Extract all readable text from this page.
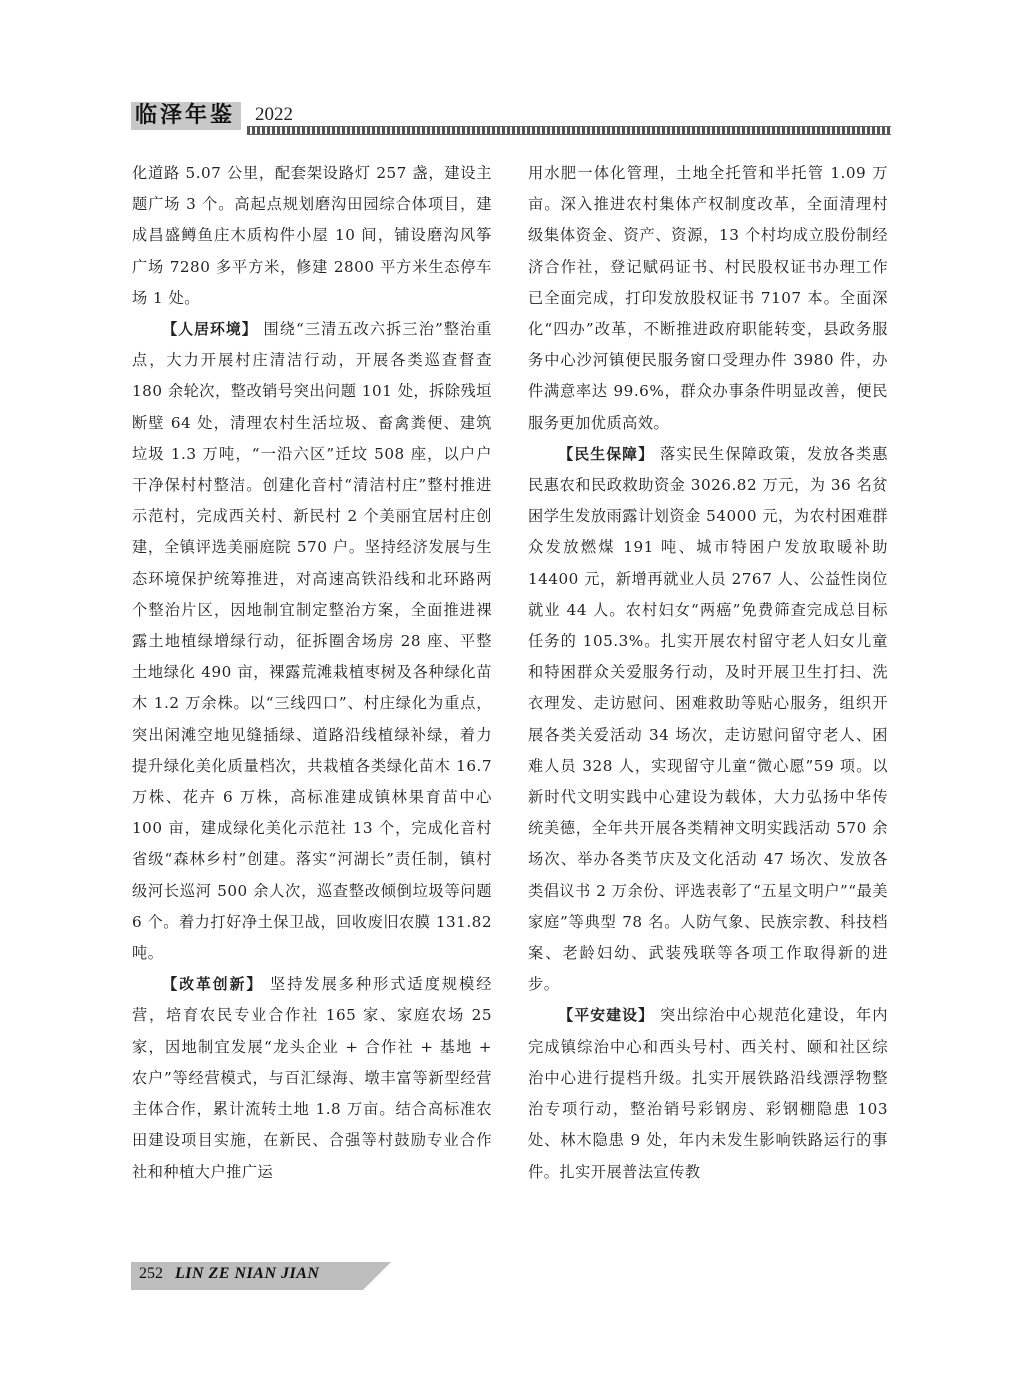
临泽年鉴	2022

化道路 5.07 公里，配套架设路灯 257 盏，建设主题广场 3 个。高起点规划磨沟田园综合体项目，建成昌盛鳟鱼庄木质构件小屋 10 间，铺设磨沟风筝广场 7280 多平方米，修建 2800 平方米生态停车场 1 处。

【人居环境】 围绕“三清五改六拆三治”整治重点，大力开展村庄清洁行动，开展各类巡查督查 180 余轮次，整改销号突出问题 101 处，拆除残垣断壁 64 处，清理农村生活垃圾、畜禽粪便、建筑垃圾 1.3 万吨，“一沿六区”迁坟 508 座，以户户干净保村村整洁。创建化音村“清洁村庄”整村推进示范村，完成西关村、新民村 2 个美丽宜居村庄创建，全镇评选美丽庭院 570 户。坚持经济发展与生态环境保护统筹推进，对高速高铁沿线和北环路两个整治片区，因地制宜制定整治方案，全面推进裸露土地植绿增绿行动，征拆圈舍场房 28 座、平整土地绿化 490 亩，裸露荒滩栽植枣树及各种绿化苗木 1.2 万余株。以“三线四口”、村庄绿化为重点，突出闲滩空地见缝插绿、道路沿线植绿补绿，着力提升绿化美化质量档次，共栽植各类绿化苗木 16.7 万株、花卉 6 万株，高标准建成镇林果育苗中心 100 亩，建成绿化美化示范社 13 个，完成化音村省级“森林乡村”创建。落实“河湖长”责任制，镇村级河长巡河 500 余人次，巡查整改倾倒垃圾等问题 6 个。着力打好净土保卫战，回收废旧农膜 131.82 吨。

【改革创新】 坚持发展多种形式适度规模经营，培育农民专业合作社 165 家、家庭农场 25 家，因地制宜发展“龙头企业 + 合作社 + 基地 + 农户”等经营模式，与百汇绿海、墩丰富等新型经营主体合作，累计流转土地 1.8 万亩。结合高标准农田建设项目实施，在新民、合强等村鼓励专业合作社和种植大户推广运

用水肥一体化管理，土地全托管和半托管 1.09 万亩。深入推进农村集体产权制度改革，全面清理村级集体资金、资产、资源，13 个村均成立股份制经济合作社，登记赋码证书、村民股权证书办理工作已全面完成，打印发放股权证书 7107 本。全面深化“四办”改革，不断推进政府职能转变，县政务服务中心沙河镇便民服务窗口受理办件 3980 件，办件满意率达 99.6%，群众办事条件明显改善，便民服务更加优质高效。

【民生保障】 落实民生保障政策，发放各类惠民惠农和民政救助资金 3026.82 万元，为 36 名贫困学生发放雨露计划资金 54000 元，为农村困难群众发放燃煤 191 吨、城市特困户发放取暖补助 14400 元，新增再就业人员 2767 人、公益性岗位就业 44 人。农村妇女“两癌”免费筛查完成总目标任务的 105.3%。扎实开展农村留守老人妇女儿童和特困群众关爱服务行动，及时开展卫生打扫、洗衣理发、走访慰问、困难救助等贴心服务，组织开展各类关爱活动 34 场次，走访慰问留守老人、困难人员 328 人，实现留守儿童“微心愿”59 项。以新时代文明实践中心建设为载体，大力弘扬中华传统美德，全年共开展各类精神文明实践活动 570 余场次、举办各类节庆及文化活动 47 场次、发放各类倡议书 2 万余份、评选表彰了“五星文明户”“最美家庭”等典型 78 名。人防气象、民族宗教、科技档案、老龄妇幼、武装残联等各项工作取得新的进步。

【平安建设】 突出综治中心规范化建设，年内完成镇综治中心和西头号村、西关村、颐和社区综治中心进行提档升级。扎实开展铁路沿线漂浮物整治专项行动，整治销号彩钢房、彩钢棚隐患 103 处、林木隐患 9 处，年内未发生影响铁路运行的事件。扎实开展普法宣传教

252 LIN ZE NIAN JIAN
